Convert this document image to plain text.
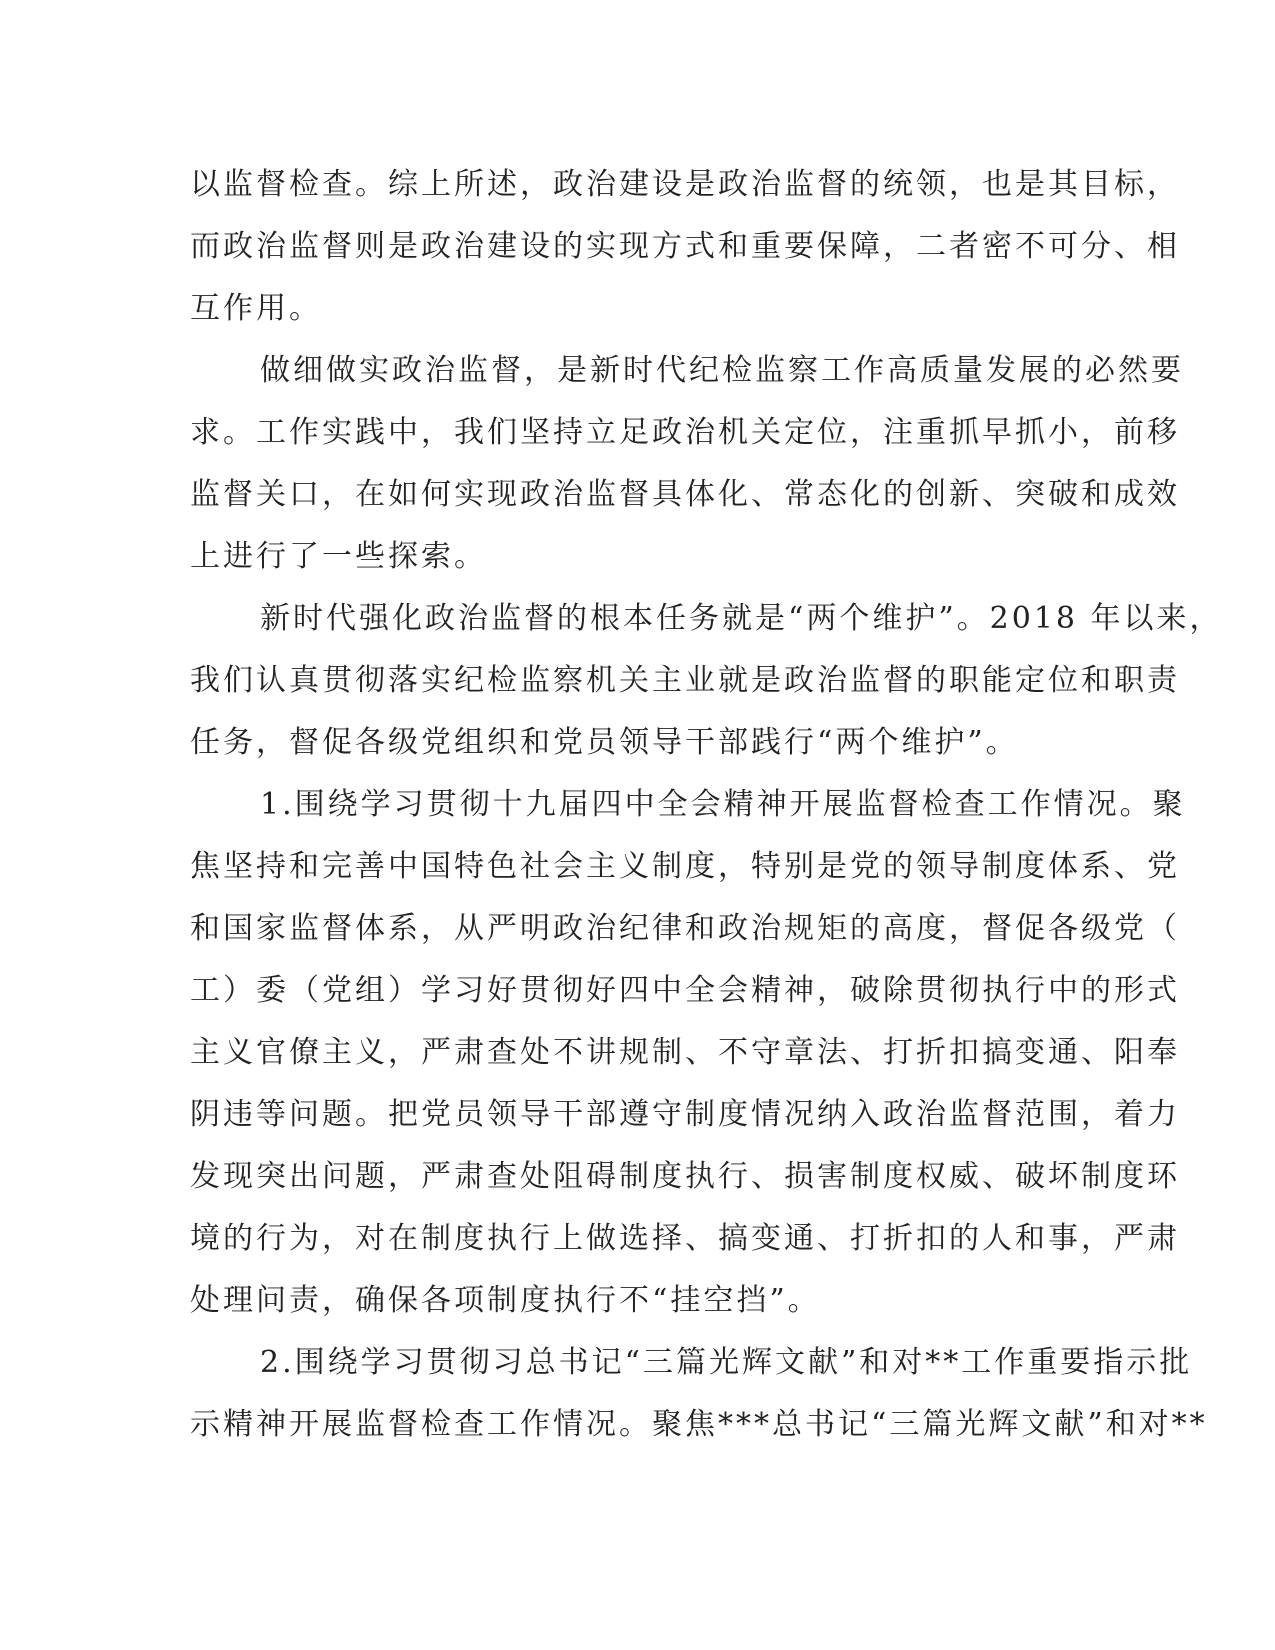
以监督检查。综上所述，政治建设是政治监督的统领，也是其目标，
而政治监督则是政治建设的实现方式和重要保障，二者密不可分、相
互作用。
做细做实政治监督，是新时代纪检监察工作高质量发展的必然要
求。工作实践中，我们坚持立足政治机关定位，注重抓早抓小，前移
监督关口，在如何实现政治监督具体化、常态化的创新、突破和成效
上进行了一些探索。
新时代强化政治监督的根本任务就是“两个维护”。2018 年以来，
我们认真贯彻落实纪检监察机关主业就是政治监督的职能定位和职责
任务，督促各级党组织和党员领导干部践行“两个维护”。
1.围绕学习贯彻十九届四中全会精神开展监督检查工作情况。聚
焦坚持和完善中国特色社会主义制度，特别是党的领导制度体系、党
和国家监督体系，从严明政治纪律和政治规矩的高度，督促各级党（
工）委（党组）学习好贯彻好四中全会精神，破除贯彻执行中的形式
主义官僚主义，严肃查处不讲规制、不守章法、打折扣搞变通、阳奉
阴违等问题。把党员领导干部遵守制度情况纳入政治监督范围，着力
发现突出问题，严肃查处阻碍制度执行、损害制度权威、破坏制度环
境的行为，对在制度执行上做选择、搞变通、打折扣的人和事，严肃
处理问责，确保各项制度执行不“挂空挡”。
2.围绕学习贯彻习总书记“三篇光辉文献”和对**工作重要指示批
示精神开展监督检查工作情况。聚焦***总书记“三篇光辉文献”和对**
